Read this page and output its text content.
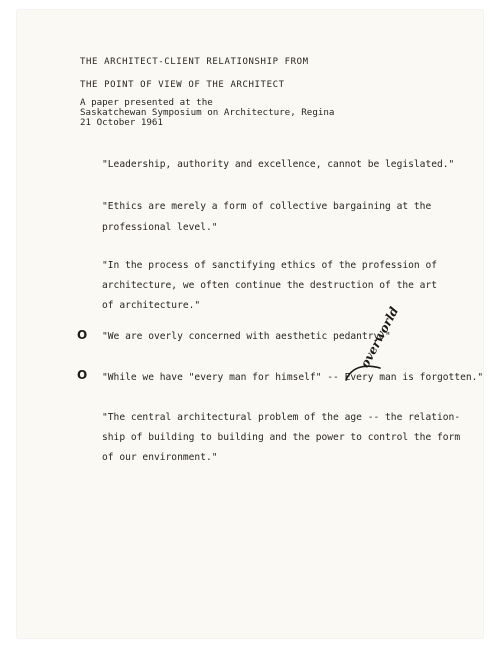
THE ARCHITECT-CLIENT RELATIONSHIP FROM
THE POINT OF VIEW OF THE ARCHITECT
A paper presented at the
Saskatchewan Symposium on Architecture, Regina
21 October 1961
"Leadership, authority and excellence, cannot be legislated."
"Ethics are merely a form of collective bargaining at the
professional level."
"In the process of sanctifying ethics of the profession of
architecture, we often continue the destruction of the art
of architecture."
O "We are overly concerned with aesthetic pedantry."
O "While we have "every man for himself" -- Every man is forgotten."
overworld
"The central architectural problem of the age -- the relation-
ship of building to building and the power to control the form
of our environment."
